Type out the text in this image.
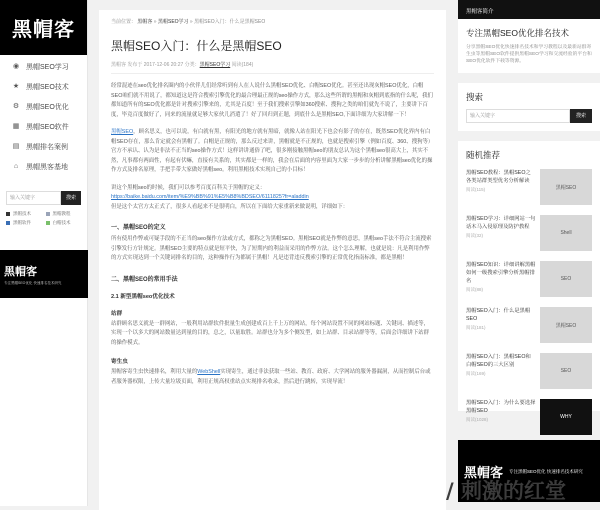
黑帽客
◉ 黑帽SEO学习
★ 黑帽SEO技术
⚙ 黑帽SEO优化
▦ 黑帽SEO软件
▤ 黑帽排名案例
⌂ 黑帽黑客基地
输入关键字	搜索
黑帽技术	黑帽教程
黑帽软件	白帽技术
黑帽客
专注黑帽SEO优化 快速排名技术研究
当前位置： 黑帽客 » 黑帽SEO学习 » 黑帽SEO入门：什么是黑帽SEO
黑帽SEO入门：什么是黑帽SEO
黑帽客 发布于 2017-12-06 20:27 分类：黑帽SEO学习 阅读(184)

经常混迹在seo优化排名圈内的小伙伴儿们经常听到有人在人说什么黑帽SEO优化、白帽SEO优化。甚至还出现灰帽SEO优化，白帽SEO咱们就不用说了，都知道这是符合搜索引擎优化的最合理最正规的seo操作方式，那么这些所谓的黑帽和灰帽到底指的什么呢，我们都知道所有的SEO优化都是针对搜索引擎来的，尤其是百度！至于我们搜索引擎如360搜索、搜狗之类的咱们就先不说了，主要讲下百度，毕竟百度做好了，同来的流量就足够大家伙儿消遣了！好了回归到正题，到底什么是黑帽SEO,下面详细为大家讲解一下！

黑帽SEO，顾名思义，也可以说，有白就有黑，有阳光的地方就有黑暗，就像人站在阳光下也会有影子的存在，既然SEO优化界内有白帽SEO存在，那么肯定就会有黑帽了。白帽是正规的，那么反过来讲，黑帽就是不正规的，也就是搜索引擎（例如百度、360、搜狗等）官方不承认、认为是非法不正当的seo操作方式！这样讲讲通俗了吧，很多刚接触黑帽seo的朋友总认为这个黑帽seo很高大上，其实不然，凡事都有两面性，有起有伏嘛，直接有关系的，其实都是一样的，我会在后面的内容里面为大家一步步的分析讲解黑帽seo优化的操作方式及排名原理，手把手带大家做好黑帽seo。利用黑帽技术实现自己的小目标！

讲这个黑帽seo的时候，我们可以参考百度百科关于黑帽的定义：
https://baike.baidu.com/item/%E9%BB%91%E5%B8%BDSEO/6111825?fr=aladdin
但是这个太官方太正式了，很多人看起来不是很明白，所以在下面给大家重新来做说明，详细如下：

一、黑帽SEO的定义

所有使用作弊或可疑手段的不正当的seo操作方法或方式，都称之为黑帽SEO。黑帽SEO就是作弊的意思，黑帽seo手法不符合主流搜索引擎发行方针规定。黑帽SEO主要的特点就是短平快，为了短期内的利益而采用的作弊方法。这个怎么理解，也就是说：凡是利用作弊的方式实现达到一个关键词排名的目的，这种操作行为都属于黑帽！凡是违背违反搜索引擎的正常优化指南标准，都是黑帽！

二、黑帽SEO的常用手法
2.1 新型黑帽seo优化技术
站群

站群顾名思义就是一群网站，一般利用站群软件批量生成创建成百上千上万的网站，每个网站设置不同的网站标题、关键词、描述等，实现一个以多大的网站数量达到量的目的，总之，以量取胜。站群也分为多个侧发型，如上站群、目录站群等等，后面会详细讲下站群的操作模式。

寄生虫

黑帽客寄生虫快速排名，利用大量的WebShell实现寄生，通过非法获取一些站、教育、政府、大学网站的服务器漏洞，从而控制后台或者服务器权限，上传大量垃圾页面，利用正规高权重站点实现排名收录，然后进行跳转，实现导流！

黑帽客简介
专注黑帽SEO优化排名技术
分享黑帽SEO优化快速排名技术和学习教程以及最新站群寄生虫等黑帽SEO软件提供黑帽SEO学习和交流经验的平台和SEO优化软件下载等资源。
搜索
输入关键字	搜索
随机推荐
黑帽SEO教程：黑帽SEO之各类站群类型优劣分析解读
阅读(115)	黑帽SEO
黑帽SEO学习：详细网站一句话木马入侵原理及防护教程
阅读(32)	Shell
黑帽SEO知识：详细讲解黑帽如何一级搜索引擎分析黑帽排名
阅读(88)
SEO
黑帽SEO入门：什么是黑帽SEO
阅读(181)	黑帽SEO
黑帽SEO入门：黑帽SEO和白帽SEO的三大区别
阅读(169)	SEO
黑帽SEO入门：为什么要选择黑帽SEO
阅读(1028)	WHY
黑帽客 专注黑帽SEO优化 快速排名技术研究
/ 刺激的红堂
